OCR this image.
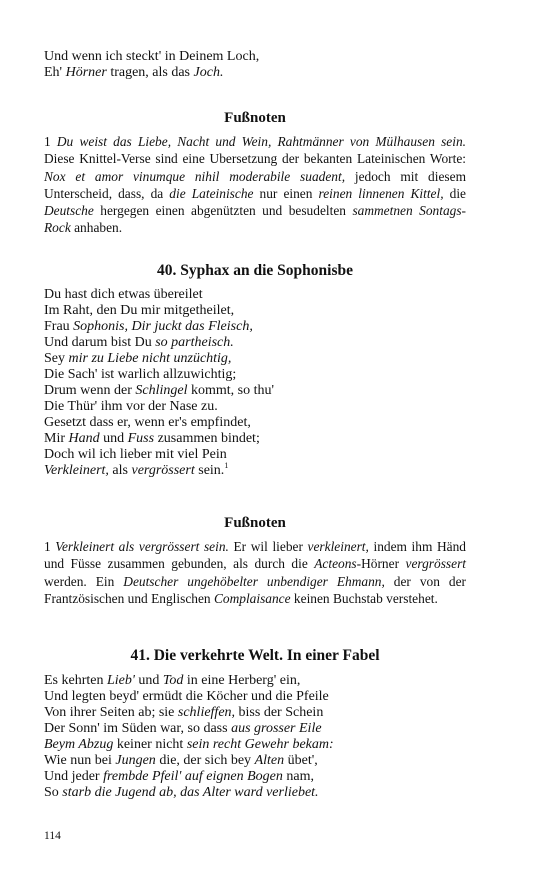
Und wenn ich steckt' in Deinem Loch,
Eh' Hörner tragen, als das Joch.
Fußnoten

1 Du weist das Liebe, Nacht und Wein, Rahtmänner von Mülhausen sein. Diese Knittel-Verse sind eine Ubersetzung der bekanten Lateinischen Worte: Nox et amor vinumque nihil moderabile suadent, jedoch mit diesem Unterscheid, dass, da die Lateinische nur einen reinen linnenen Kittel, die Deutsche hergegen einen abgenützten und besudelten sammetnen Sontags-Rock anhaben.

40. Syphax an die Sophonisbe
Du hast dich etwas übereilet
Im Raht, den Du mir mitgetheilet,
Frau Sophonis, Dir juckt das Fleisch,
Und darum bist Du so partheisch.
Sey mir zu Liebe nicht unzüchtig,
Die Sach' ist warlich allzuwichtig;
Drum wenn der Schlingel kommt, so thu'
Die Thür' ihm vor der Nase zu.
Gesetzt dass er, wenn er's empfindet,
Mir Hand und Fuss zusammen bindet;
Doch wil ich lieber mit viel Pein
Verkleinert, als vergrössert sein.$^1$
Fußnoten

1 Verkleinert als vergrössert sein. Er wil lieber verkleinert, indem ihm Händ und Füsse zusammen gebunden, als durch die Acteons-Hörner vergrössert werden. Ein Deutscher ungehöbelter unbendiger Ehmann, der von der Frantzösischen und Englischen Complaisance keinen Buchstab verstehet.

41. Die verkehrte Welt. In einer Fabel
Es kehrten Lieb' und Tod in eine Herberg' ein,
Und legten beyd' ermüdt die Köcher und die Pfeile
Von ihrer Seiten ab; sie schlieffen, biss der Schein
Der Sonn' im Süden war, so dass aus grosser Eile
Beym Abzug keiner nicht sein recht Gewehr bekam:
Wie nun bei Jungen die, der sich bey Alten übet',
Und jeder frembde Pfeil' auf eignen Bogen nam,
So starb die Jugend ab, das Alter ward verliebet.
114
